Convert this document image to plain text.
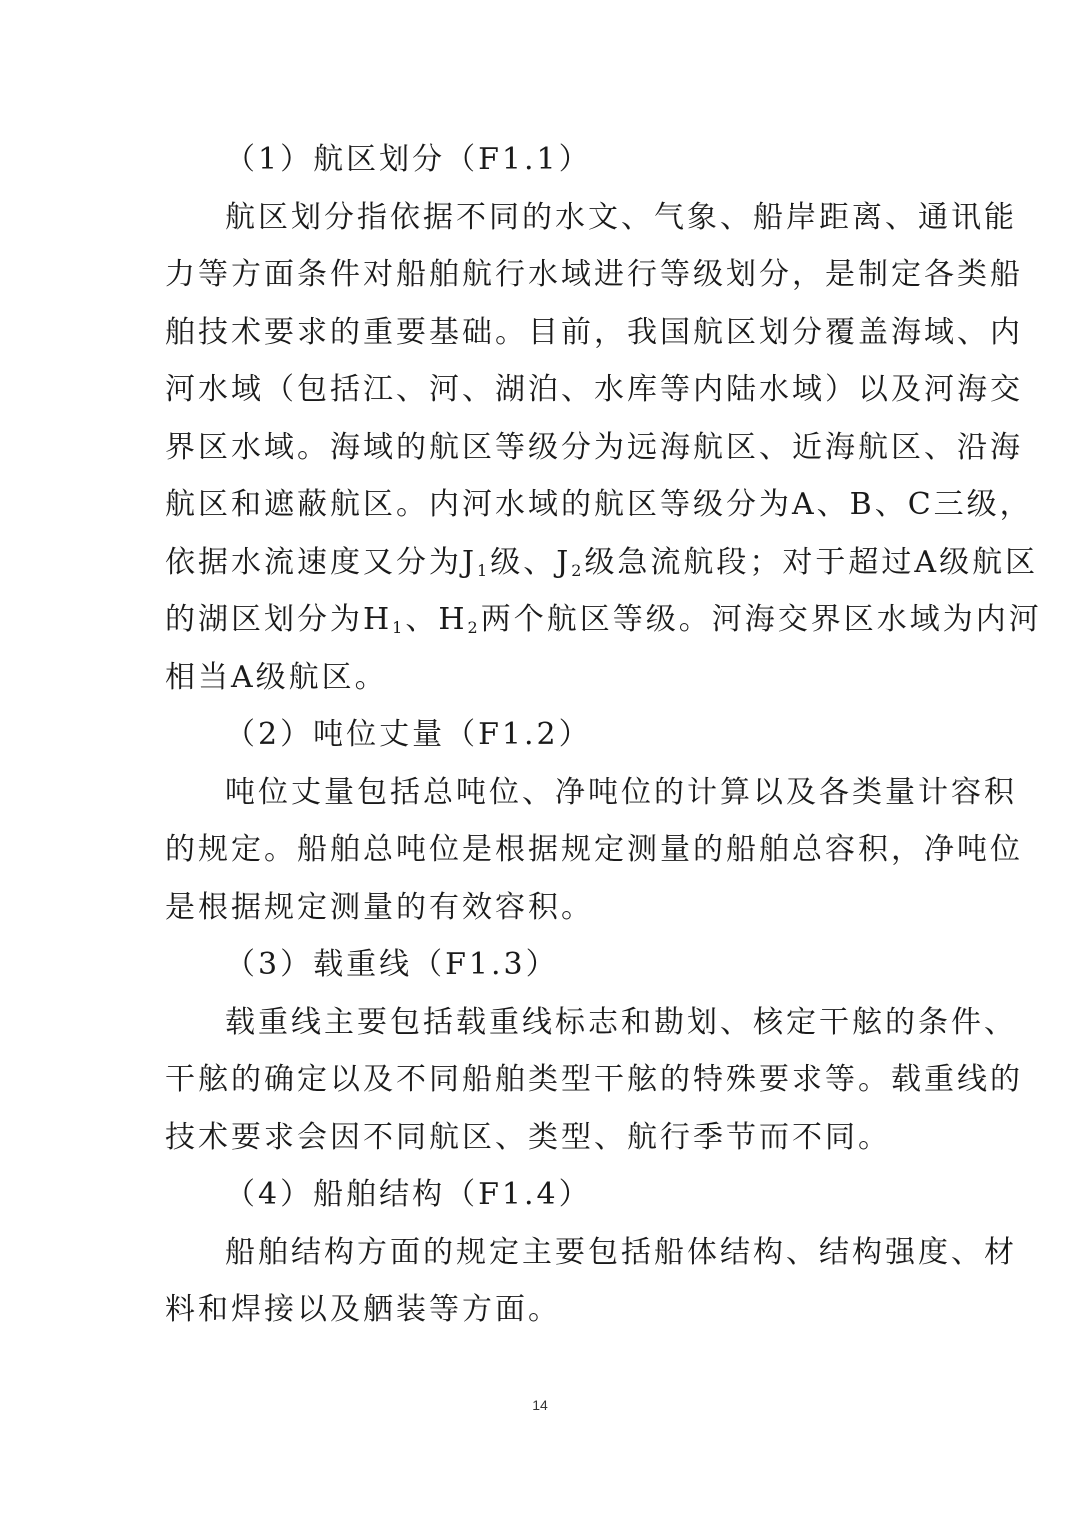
（1）航区划分（F1.1）
航区划分指依据不同的水文、气象、船岸距离、通讯能
力等方面条件对船舶航行水域进行等级划分，是制定各类船
舶技术要求的重要基础。目前，我国航区划分覆盖海域、内
河水域（包括江、河、湖泊、水库等内陆水域）以及河海交
界区水域。海域的航区等级分为远海航区、近海航区、沿海
航区和遮蔽航区。内河水域的航区等级分为A、B、C三级，
依据水流速度又分为$J_1$级、$J_2$级急流航段；对于超过A级航区
的湖区划分为$H_1$、$H_2$两个航区等级。河海交界区水域为内河
相当A级航区。
（2）吨位丈量（F1.2）
吨位丈量包括总吨位、净吨位的计算以及各类量计容积
的规定。船舶总吨位是根据规定测量的船舶总容积，净吨位
是根据规定测量的有效容积。
（3）载重线（F1.3）
载重线主要包括载重线标志和勘划、核定干舷的条件、
干舷的确定以及不同船舶类型干舷的特殊要求等。载重线的
技术要求会因不同航区、类型、航行季节而不同。
（4）船舶结构（F1.4）
船舶结构方面的规定主要包括船体结构、结构强度、材
料和焊接以及舾装等方面。
14
